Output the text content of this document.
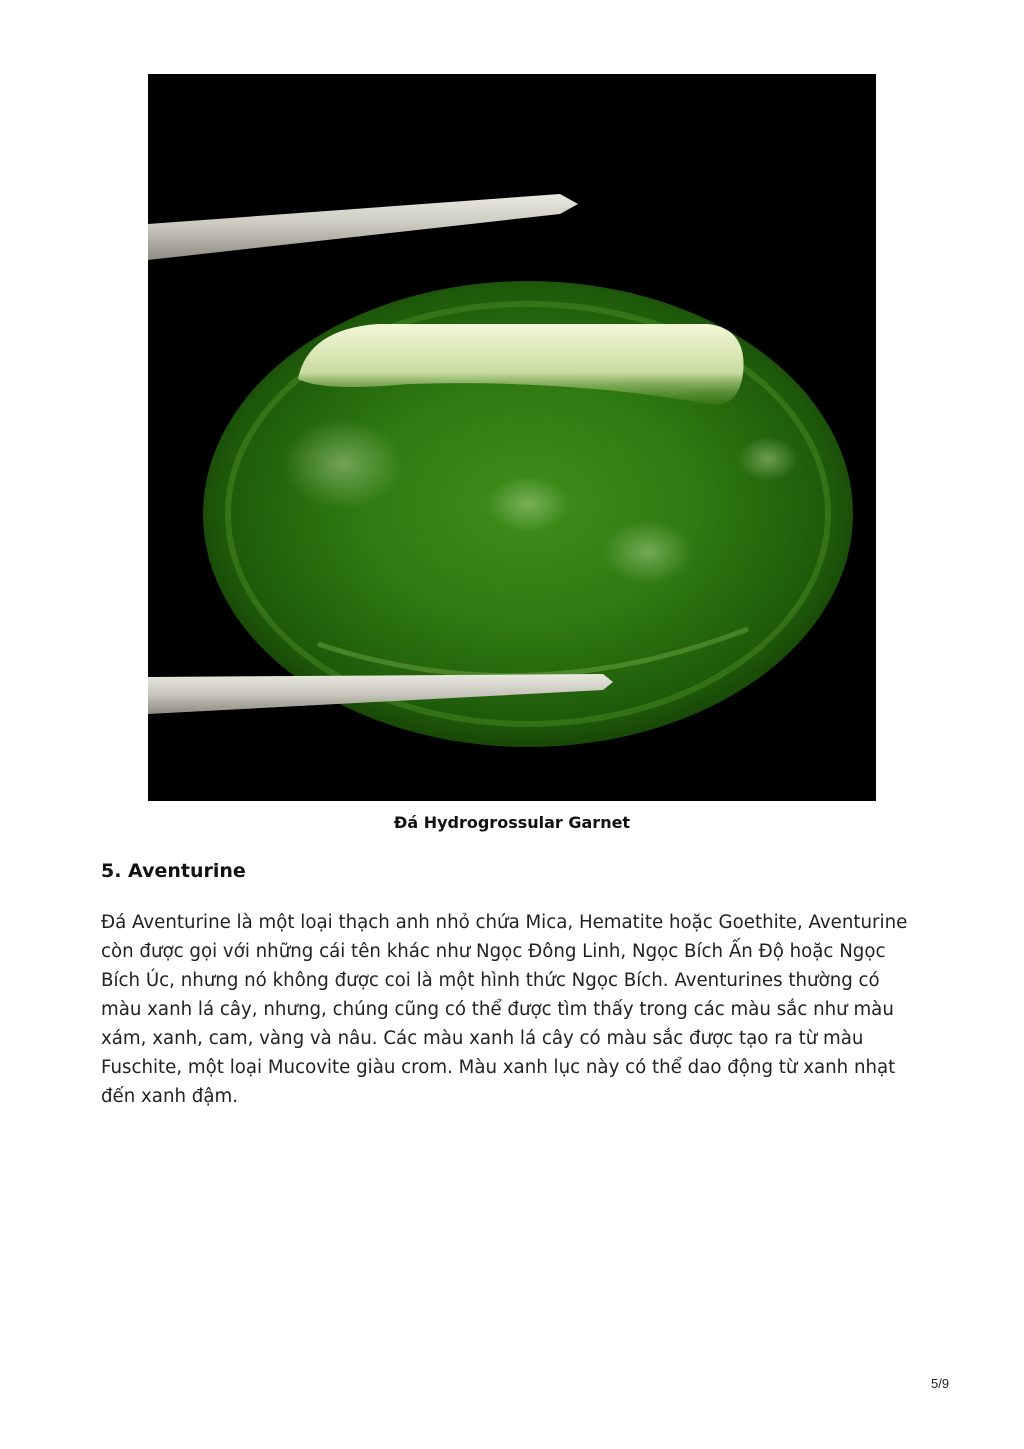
Đá Hydrogrossular Garnet
5. Aventurine

Đá Aventurine là một loại thạch anh nhỏ chứa Mica, Hematite hoặc Goethite, Aventurine còn được gọi với những cái tên khác như Ngọc Đông Linh, Ngọc Bích Ấn Độ hoặc Ngọc Bích Úc, nhưng nó không được coi là một hình thức Ngọc Bích. Aventurines thường có màu xanh lá cây, nhưng, chúng cũng có thể được tìm thấy trong các màu sắc như màu xám, xanh, cam, vàng và nâu. Các màu xanh lá cây có màu sắc được tạo ra từ màu Fuschite, một loại Mucovite giàu crom. Màu xanh lục này có thể dao động từ xanh nhạt đến xanh đậm.

5/9
